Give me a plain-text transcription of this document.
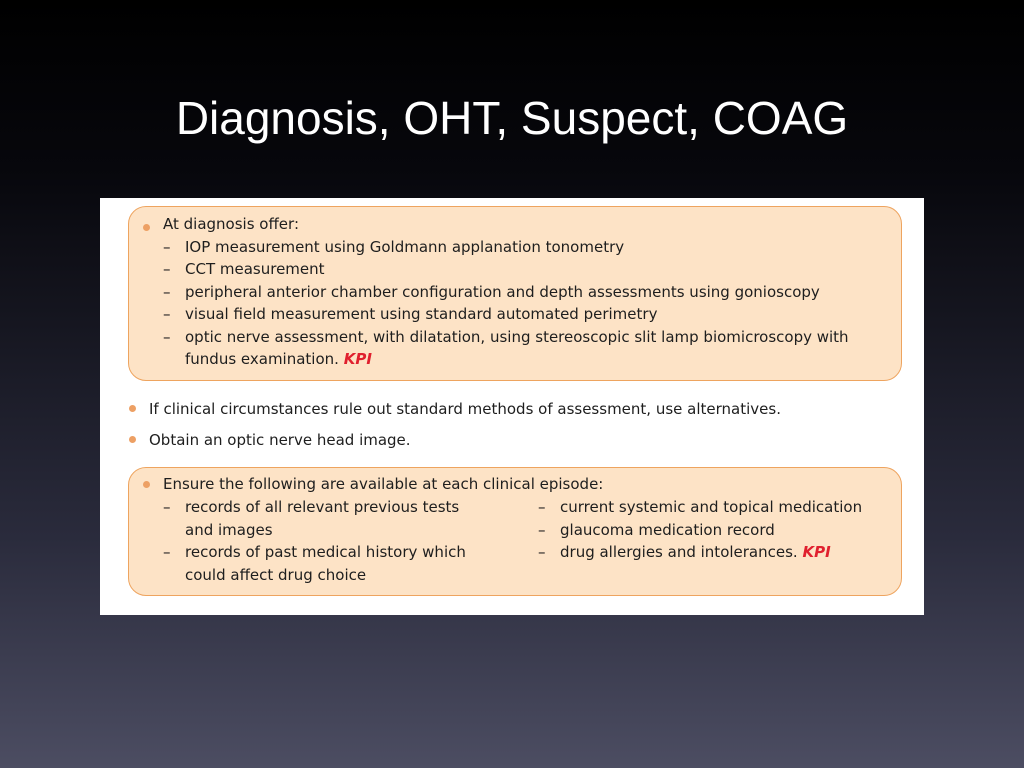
Diagnosis, OHT, Suspect, COAG
At diagnosis offer:
– IOP measurement using Goldmann applanation tonometry
– CCT measurement
– peripheral anterior chamber configuration and depth assessments using gonioscopy
– visual field measurement using standard automated perimetry
– optic nerve assessment, with dilatation, using stereoscopic slit lamp biomicroscopy with
fundus examination. KPI
If clinical circumstances rule out standard methods of assessment, use alternatives.
Obtain an optic nerve head image.
Ensure the following are available at each clinical episode:
– records of all relevant previous tests
and images
– records of past medical history which
could affect drug choice
– current systemic and topical medication
– glaucoma medication record
– drug allergies and intolerances. KPI
